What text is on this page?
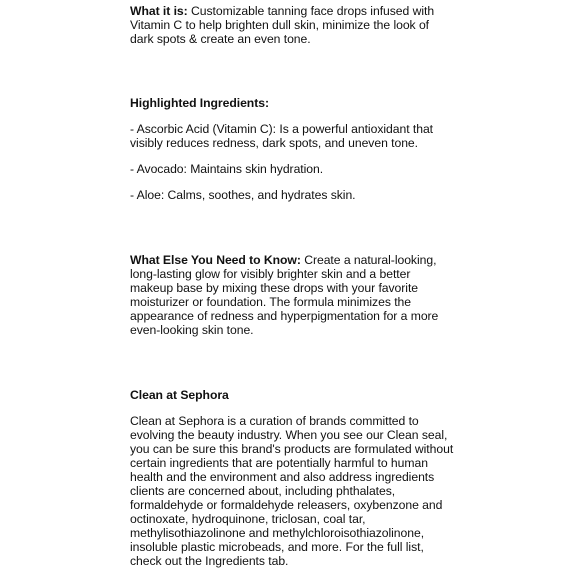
What it is: Customizable tanning face drops infused with Vitamin C to help brighten dull skin, minimize the look of dark spots & create an even tone.

Highlighted Ingredients:

- Ascorbic Acid (Vitamin C): Is a powerful antioxidant that visibly reduces redness, dark spots, and uneven tone.

- Avocado: Maintains skin hydration.

- Aloe: Calms, soothes, and hydrates skin.

What Else You Need to Know: Create a natural-looking, long-lasting glow for visibly brighter skin and a better makeup base by mixing these drops with your favorite moisturizer or foundation. The formula minimizes the appearance of redness and hyperpigmentation for a more even-looking skin tone.

Clean at Sephora

Clean at Sephora is a curation of brands committed to evolving the beauty industry. When you see our Clean seal, you can be sure this brand's products are formulated without certain ingredients that are potentially harmful to human health and the environment and also address ingredients clients are concerned about, including phthalates, formaldehyde or formaldehyde releasers, oxybenzone and octinoxate, hydroquinone, triclosan, coal tar, methylisothiazolinone and methylchloroisothiazolinone, insoluble plastic microbeads, and more. For the full list, check out the Ingredients tab.
